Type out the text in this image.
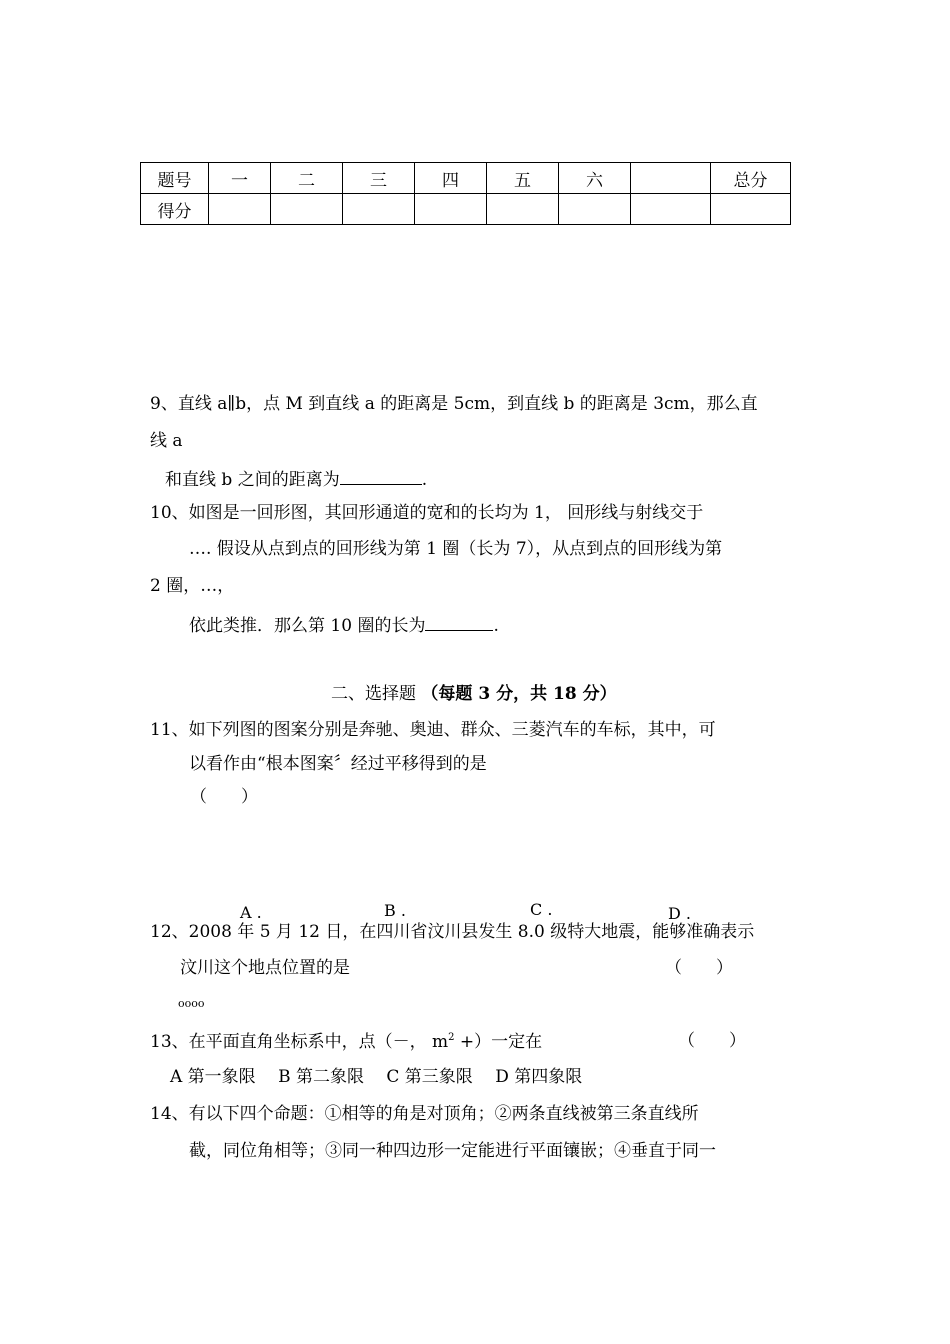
题号	一	二	三	四	五	六		总分
得分								
9、直线 a∥b，点 M 到直线 a 的距离是 5cm，到直线 b 的距离是 3cm，那么直
线 a
和直线 b 之间的距离为	.
10、如图是一回形图，其回形通道的宽和的长均为 1， 回形线与射线交于
…. 假设从点到点的回形线为第 1 圈（长为 7），从点到点的回形线为第
2 圈，…，
依此类推．那么第 10 圈的长为	.
二、选择题 （每题 3 分，共 18 分）
11、如下列图的图案分别是奔驰、奥迪、群众、三菱汽车的车标，其中，可
以看作由“根本图案〞经过平移得到的是
（　　）
A .	B .	C .	D .
12、2008 年 5 月 12 日，在四川省汶川县发生 8.0 级特大地震，能够准确表示
汶川这个地点位置的是	（　　）
oooo
13、在平面直角坐标系中，点（－， $m^2$ +）一定在	（　　）
A 第一象限　 B 第二象限　 C 第三象限　 D 第四象限
14、有以下四个命题：①相等的角是对顶角；②两条直线被第三条直线所
截，同位角相等；③同一种四边形一定能进行平面镶嵌；④垂直于同一
